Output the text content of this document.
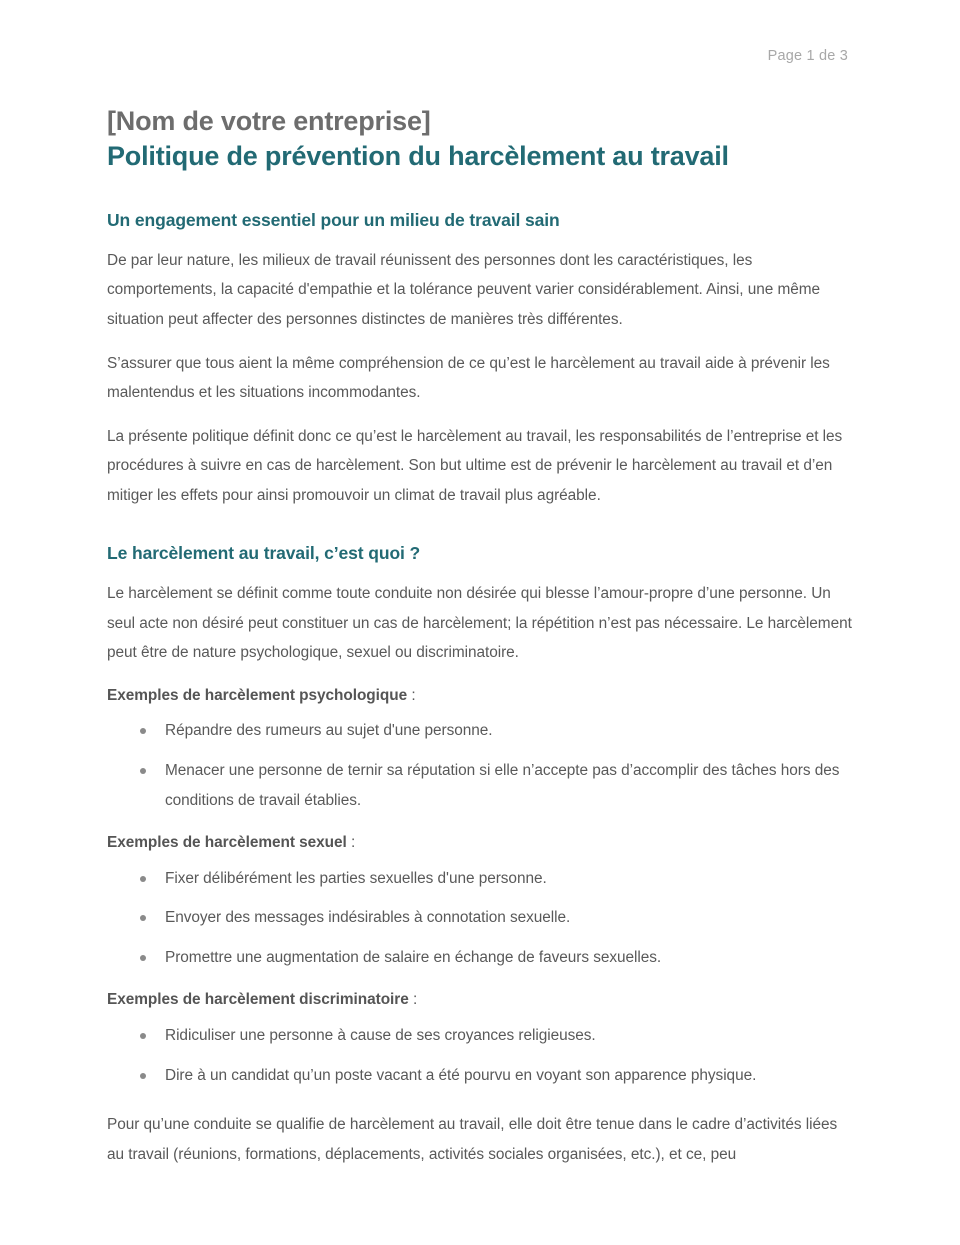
Page 1 de 3
[Nom de votre entreprise]
Politique de prévention du harcèlement au travail
Un engagement essentiel pour un milieu de travail sain

De par leur nature, les milieux de travail réunissent des personnes dont les caractéristiques, les comportements, la capacité d'empathie et la tolérance peuvent varier considérablement. Ainsi, une même situation peut affecter des personnes distinctes de manières très différentes.

S’assurer que tous aient la même compréhension de ce qu’est le harcèlement au travail aide à prévenir les malentendus et les situations incommodantes.

La présente politique définit donc ce qu’est le harcèlement au travail, les responsabilités de l’entreprise et les procédures à suivre en cas de harcèlement. Son but ultime est de prévenir le harcèlement au travail et d’en mitiger les effets pour ainsi promouvoir un climat de travail plus agréable.

Le harcèlement au travail, c’est quoi ?

Le harcèlement se définit comme toute conduite non désirée qui blesse l’amour-propre d’une personne. Un seul acte non désiré peut constituer un cas de harcèlement; la répétition n’est pas nécessaire. Le harcèlement peut être de nature psychologique, sexuel ou discriminatoire.

Exemples de harcèlement psychologique :

Répandre des rumeurs au sujet d'une personne.
Menacer une personne de ternir sa réputation si elle n’accepte pas d’accomplir des tâches hors des conditions de travail établies.

Exemples de harcèlement sexuel :

Fixer délibérément les parties sexuelles d'une personne.
Envoyer des messages indésirables à connotation sexuelle.
Promettre une augmentation de salaire en échange de faveurs sexuelles.

Exemples de harcèlement discriminatoire :

Ridiculiser une personne à cause de ses croyances religieuses.
Dire à un candidat qu’un poste vacant a été pourvu en voyant son apparence physique.

Pour qu’une conduite se qualifie de harcèlement au travail, elle doit être tenue dans le cadre d’activités liées au travail (réunions, formations, déplacements, activités sociales organisées, etc.), et ce, peu
